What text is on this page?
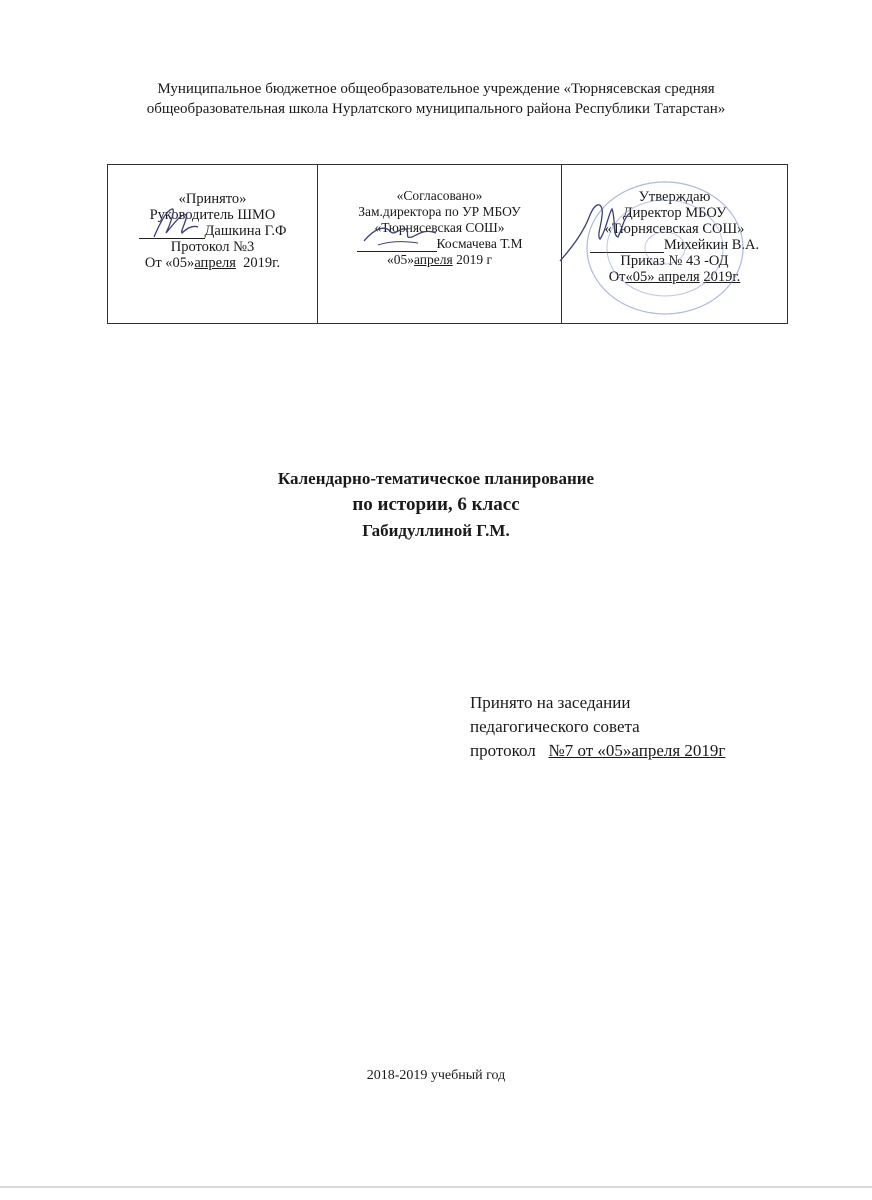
Муниципальное бюджетное общеобразовательное учреждение «Тюрнясевская средняя
общеобразовательная школа Нурлатского муниципального района Республики Татарстан»
«Принято»
Руководитель ШМО
Дашкина Г.Ф
Протокол №3
От «05»апреля 2019г.
«Согласовано»
Зам.директора по УР МБОУ
«Тюрнясевская СОШ»
Космачева Т.М
«05»апреля 2019 г
Утверждаю
Директор МБОУ
«Тюрнясевская СОШ»
Михейкин В.А.
Приказ № 43 -ОД
От«05» апреля 2019г.
Календарно-тематическое планирование
по истории, 6 класс
Габидуллиной Г.М.
Принято на заседании
педагогического совета
протокол №7 от «05»апреля 2019г
2018-2019 учебный год
